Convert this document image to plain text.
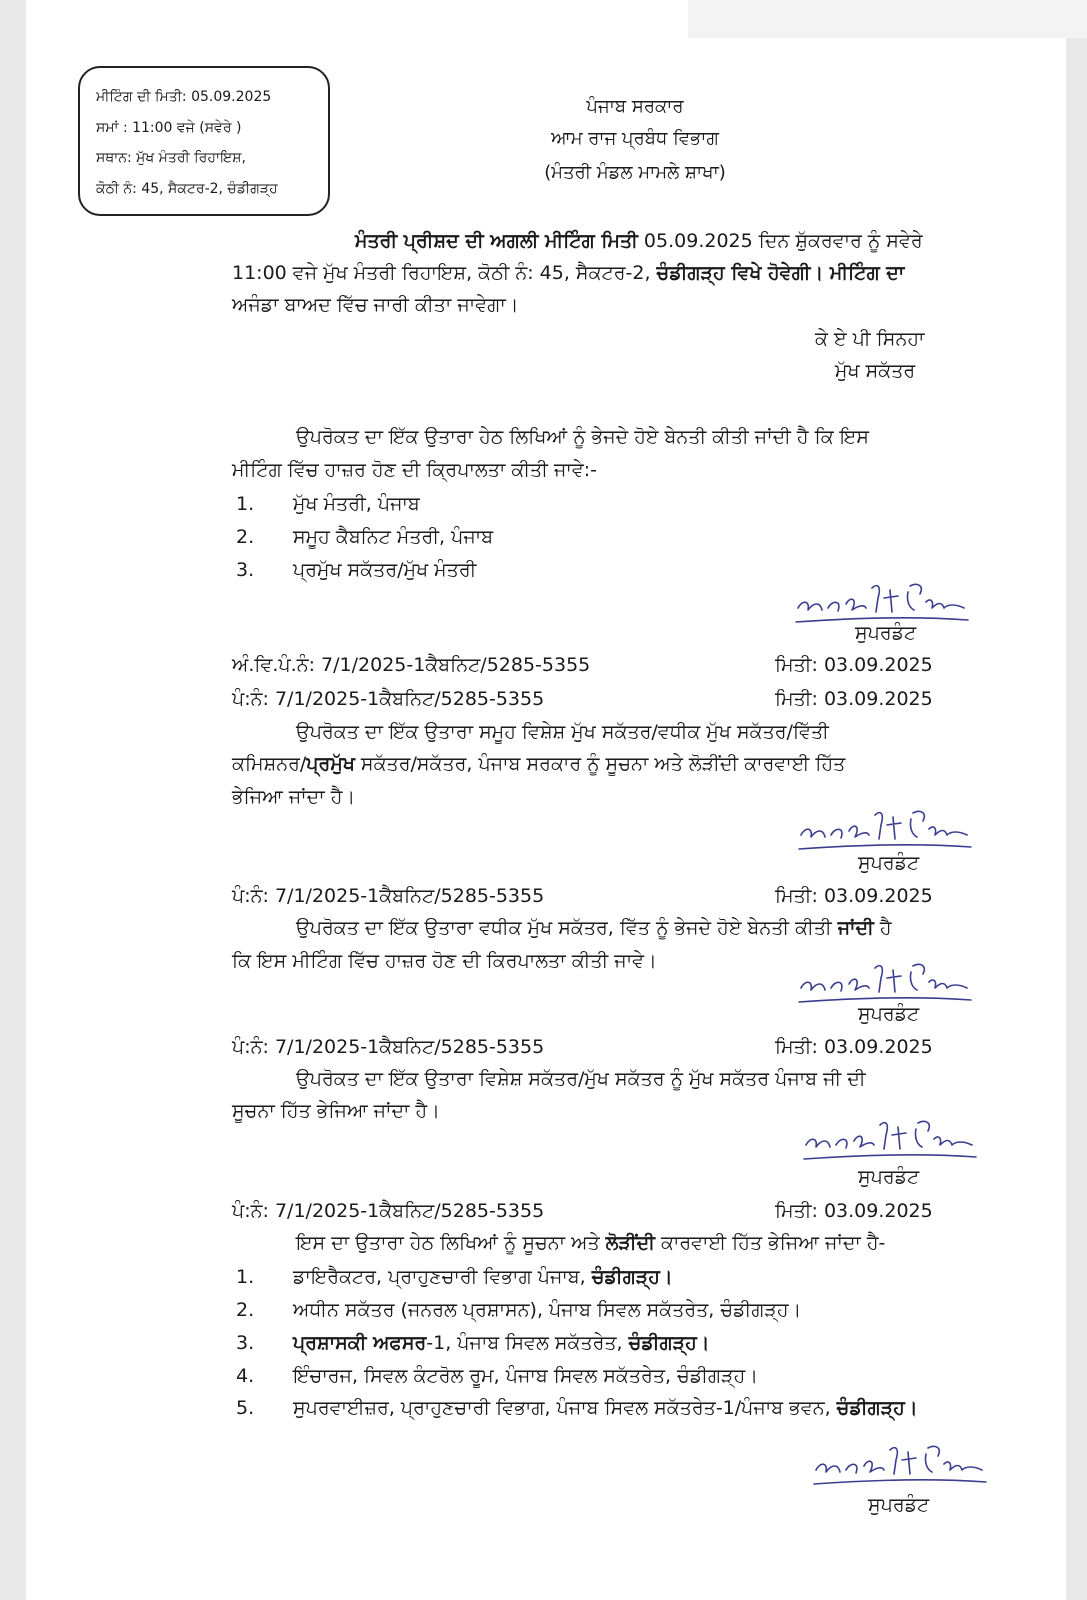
ਮੀਟਿੰਗ ਦੀ ਮਿਤੀ: 05.09.2025
ਸਮਾਂ : 11:00 ਵਜੇ (ਸਵੇਰੇ )
ਸਥਾਨ: ਮੁੱਖ ਮੰਤਰੀ ਰਿਹਾਇਸ਼,
ਕੋਠੀ ਨੰ: 45, ਸੈਕਟਰ-2, ਚੰਡੀਗੜ੍ਹ
ਪੰਜਾਬ ਸਰਕਾਰ
ਆਮ ਰਾਜ ਪ੍ਰਬੰਧ ਵਿਭਾਗ
(ਮੰਤਰੀ ਮੰਡਲ ਮਾਮਲੇ ਸ਼ਾਖਾ)
ਮੰਤਰੀ ਪ੍ਰੀਸ਼ਦ ਦੀ ਅਗਲੀ ਮੀਟਿੰਗ ਮਿਤੀ 05.09.2025 ਦਿਨ ਸ਼ੁੱਕਰਵਾਰ ਨੂੰ ਸਵੇਰੇ
11:00 ਵਜੇ ਮੁੱਖ ਮੰਤਰੀ ਰਿਹਾਇਸ਼, ਕੋਠੀ ਨੰ: 45, ਸੈਕਟਰ-2, ਚੰਡੀਗੜ੍ਹ ਵਿਖੇ ਹੋਵੇਗੀ। ਮੀਟਿੰਗ ਦਾ
ਅਜੰਡਾ ਬਾਅਦ ਵਿੱਚ ਜਾਰੀ ਕੀਤਾ ਜਾਵੇਗਾ।
ਕੇ ਏ ਪੀ ਸਿਨਹਾ
ਮੁੱਖ ਸਕੱਤਰ
ਉਪਰੋਕਤ ਦਾ ਇੱਕ ਉਤਾਰਾ ਹੇਠ ਲਿਖਿਆਂ ਨੂੰ ਭੇਜਦੇ ਹੋਏ ਬੇਨਤੀ ਕੀਤੀ ਜਾਂਦੀ ਹੈ ਕਿ ਇਸ
ਮੀਟਿੰਗ ਵਿੱਚ ਹਾਜ਼ਰ ਹੋਣ ਦੀ ਕ੍ਰਿਪਾਲਤਾ ਕੀਤੀ ਜਾਵੇ:-
1. ਮੁੱਖ ਮੰਤਰੀ, ਪੰਜਾਬ
2. ਸਮੂਹ ਕੈਬਨਿਟ ਮੰਤਰੀ, ਪੰਜਾਬ
3. ਪ੍ਰਮੁੱਖ ਸਕੱਤਰ/ਮੁੱਖ ਮੰਤਰੀ
ਸੁਪਰਡੰਟ
ਅੰ.ਵਿ.ਪੰ.ਨੰ: 7/1/2025-1ਕੈਬਨਿਟ/5285-5355	ਮਿਤੀ: 03.09.2025
ਪੰ:ਨੰ: 7/1/2025-1ਕੈਬਨਿਟ/5285-5355	ਮਿਤੀ: 03.09.2025
ਉਪਰੋਕਤ ਦਾ ਇੱਕ ਉਤਾਰਾ ਸਮੂਹ ਵਿਸ਼ੇਸ਼ ਮੁੱਖ ਸਕੱਤਰ/ਵਧੀਕ ਮੁੱਖ ਸਕੱਤਰ/ਵਿੱਤੀ
ਕਮਿਸ਼ਨਰ/ਪ੍ਰਮੁੱਖ ਸਕੱਤਰ/ਸਕੱਤਰ, ਪੰਜਾਬ ਸਰਕਾਰ ਨੂੰ ਸੂਚਨਾ ਅਤੇ ਲੋੜੀਂਦੀ ਕਾਰਵਾਈ ਹਿੱਤ
ਭੇਜਿਆ ਜਾਂਦਾ ਹੈ।
ਸੁਪਰਡੰਟ
ਪੰ:ਨੰ: 7/1/2025-1ਕੈਬਨਿਟ/5285-5355	ਮਿਤੀ: 03.09.2025
ਉਪਰੋਕਤ ਦਾ ਇੱਕ ਉਤਾਰਾ ਵਧੀਕ ਮੁੱਖ ਸਕੱਤਰ, ਵਿੱਤ ਨੂੰ ਭੇਜਦੇ ਹੋਏ ਬੇਨਤੀ ਕੀਤੀ ਜਾਂਦੀ ਹੈ
ਕਿ ਇਸ ਮੀਟਿੰਗ ਵਿੱਚ ਹਾਜ਼ਰ ਹੋਣ ਦੀ ਕਿਰਪਾਲਤਾ ਕੀਤੀ ਜਾਵੇ।
ਸੁਪਰਡੰਟ
ਪੰ:ਨੰ: 7/1/2025-1ਕੈਬਨਿਟ/5285-5355	ਮਿਤੀ: 03.09.2025
ਉਪਰੋਕਤ ਦਾ ਇੱਕ ਉਤਾਰਾ ਵਿਸ਼ੇਸ਼ ਸਕੱਤਰ/ਮੁੱਖ ਸਕੱਤਰ ਨੂੰ ਮੁੱਖ ਸਕੱਤਰ ਪੰਜਾਬ ਜੀ ਦੀ
ਸੂਚਨਾ ਹਿੱਤ ਭੇਜਿਆ ਜਾਂਦਾ ਹੈ।
ਸੁਪਰਡੰਟ
ਪੰ:ਨੰ: 7/1/2025-1ਕੈਬਨਿਟ/5285-5355	ਮਿਤੀ: 03.09.2025
ਇਸ ਦਾ ਉਤਾਰਾ ਹੇਠ ਲਿਖਿਆਂ ਨੂੰ ਸੂਚਨਾ ਅਤੇ ਲੋੜੀਂਦੀ ਕਾਰਵਾਈ ਹਿੱਤ ਭੇਜਿਆ ਜਾਂਦਾ ਹੈ-
1. ਡਾਇਰੈਕਟਰ, ਪ੍ਰਾਹੁਣਚਾਰੀ ਵਿਭਾਗ ਪੰਜਾਬ, ਚੰਡੀਗੜ੍ਹ।
2. ਅਧੀਨ ਸਕੱਤਰ (ਜਨਰਲ ਪ੍ਰਸ਼ਾਸਨ), ਪੰਜਾਬ ਸਿਵਲ ਸਕੱਤਰੇਤ, ਚੰਡੀਗੜ੍ਹ।
3. ਪ੍ਰਸ਼ਾਸਕੀ ਅਫਸਰ-1, ਪੰਜਾਬ ਸਿਵਲ ਸਕੱਤਰੇਤ, ਚੰਡੀਗੜ੍ਹ।
4. ਇੰਚਾਰਜ, ਸਿਵਲ ਕੰਟਰੋਲ ਰੂਮ, ਪੰਜਾਬ ਸਿਵਲ ਸਕੱਤਰੇਤ, ਚੰਡੀਗੜ੍ਹ।
5. ਸੁਪਰਵਾਈਜ਼ਰ, ਪ੍ਰਾਹੁਣਚਾਰੀ ਵਿਭਾਗ, ਪੰਜਾਬ ਸਿਵਲ ਸਕੱਤਰੇਤ-1/ਪੰਜਾਬ ਭਵਨ, ਚੰਡੀਗੜ੍ਹ।
ਸੁਪਰਡੰਟ
